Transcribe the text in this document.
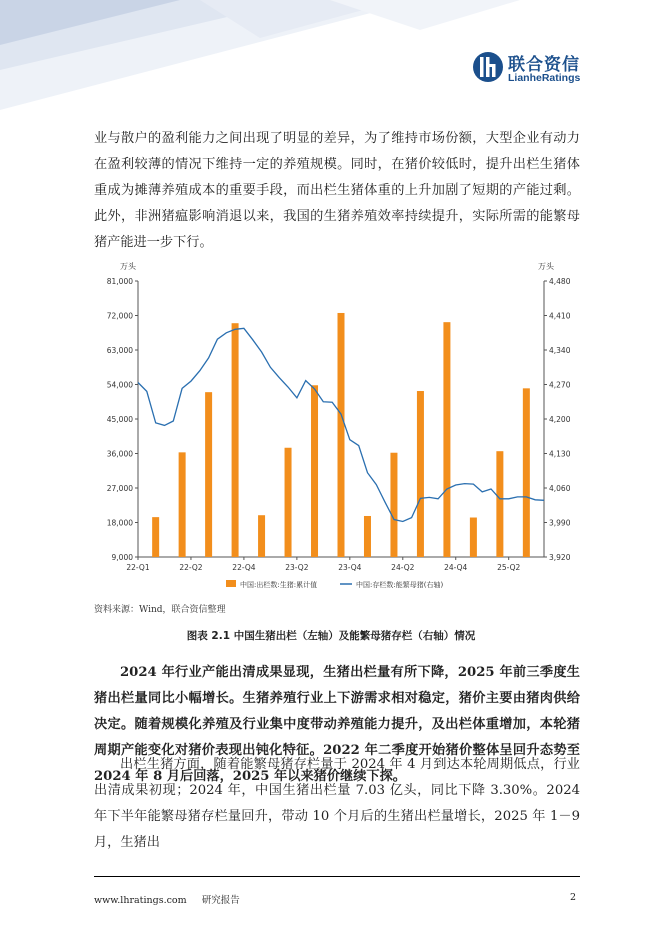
联合资信
LianheRatings

业与散户的盈利能力之间出现了明显的差异，为了维持市场份额，大型企业有动力在盈利较薄的情况下维持一定的养殖规模。同时，在猪价较低时，提升出栏生猪体重成为摊薄养殖成本的重要手段，而出栏生猪体重的上升加剧了短期的产能过剩。此外，非洲猪瘟影响消退以来，我国的生猪养殖效率持续提升，实际所需的能繁母猪产能进一步下行。

万头	万头
9,000
18,000
27,000
36,000
45,000
54,000
63,000
72,000
81,000
3,920
3,990
4,060
4,130
4,200
4,270
4,340
4,410
4,480
22-Q1	22-Q2	22-Q4	23-Q2	23-Q4	24-Q2	24-Q4	25-Q2
中国:出栏数:生猪:累计值	中国:存栏数:能繁母猪(右轴)
资料来源：Wind，联合资信整理
图表 2.1 中国生猪出栏（左轴）及能繁母猪存栏（右轴）情况

2024 年行业产能出清成果显现，生猪出栏量有所下降，2025 年前三季度生猪出栏量同比小幅增长。生猪养殖行业上下游需求相对稳定，猪价主要由猪肉供给决定。随着规模化养殖及行业集中度带动养殖能力提升，及出栏体重增加，本轮猪周期产能变化对猪价表现出钝化特征。2022 年二季度开始猪价整体呈回升态势至 2024 年 8 月后回落，2025 年以来猪价继续下探。

出栏生猪方面，随着能繁母猪存栏量于 2024 年 4 月到达本轮周期低点，行业出清成果初现；2024 年，中国生猪出栏量 7.03 亿头，同比下降 3.30%。2024 年下半年能繁母猪存栏量回升，带动 10 个月后的生猪出栏量增长，2025 年 1－9 月，生猪出

www.lhratings.com 研究报告	2
